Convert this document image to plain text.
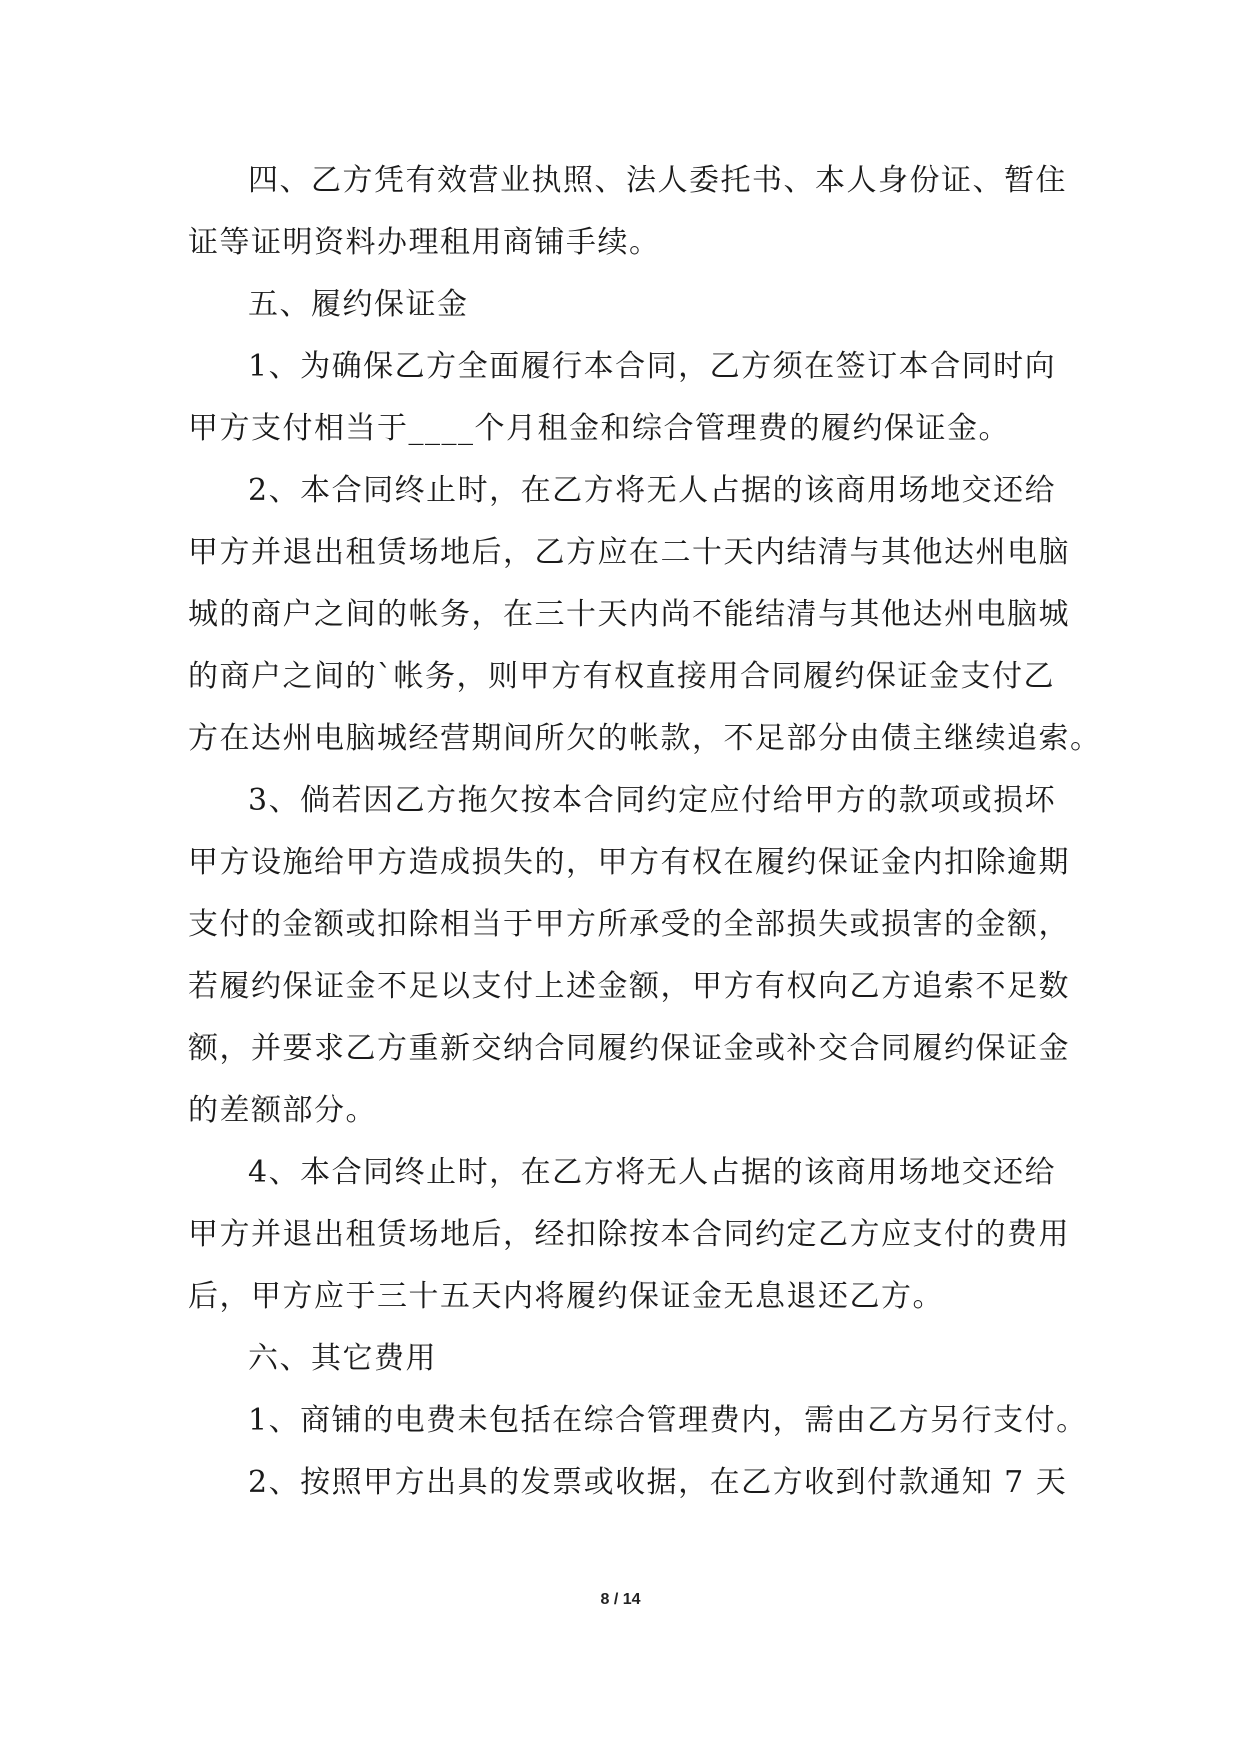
四、乙方凭有效营业执照、法人委托书、本人身份证、暂住
证等证明资料办理租用商铺手续。
五、履约保证金
1、为确保乙方全面履行本合同，乙方须在签订本合同时向
甲方支付相当于____个月租金和综合管理费的履约保证金。
2、本合同终止时，在乙方将无人占据的该商用场地交还给
甲方并退出租赁场地后，乙方应在二十天内结清与其他达州电脑
城的商户之间的帐务，在三十天内尚不能结清与其他达州电脑城
的商户之间的`帐务，则甲方有权直接用合同履约保证金支付乙
方在达州电脑城经营期间所欠的帐款，不足部分由债主继续追索。
3、倘若因乙方拖欠按本合同约定应付给甲方的款项或损坏
甲方设施给甲方造成损失的，甲方有权在履约保证金内扣除逾期
支付的金额或扣除相当于甲方所承受的全部损失或损害的金额，
若履约保证金不足以支付上述金额，甲方有权向乙方追索不足数
额，并要求乙方重新交纳合同履约保证金或补交合同履约保证金
的差额部分。
4、本合同终止时，在乙方将无人占据的该商用场地交还给
甲方并退出租赁场地后，经扣除按本合同约定乙方应支付的费用
后，甲方应于三十五天内将履约保证金无息退还乙方。
六、其它费用
1、商铺的电费未包括在综合管理费内，需由乙方另行支付。
2、按照甲方出具的发票或收据，在乙方收到付款通知 7 天
8 / 14
